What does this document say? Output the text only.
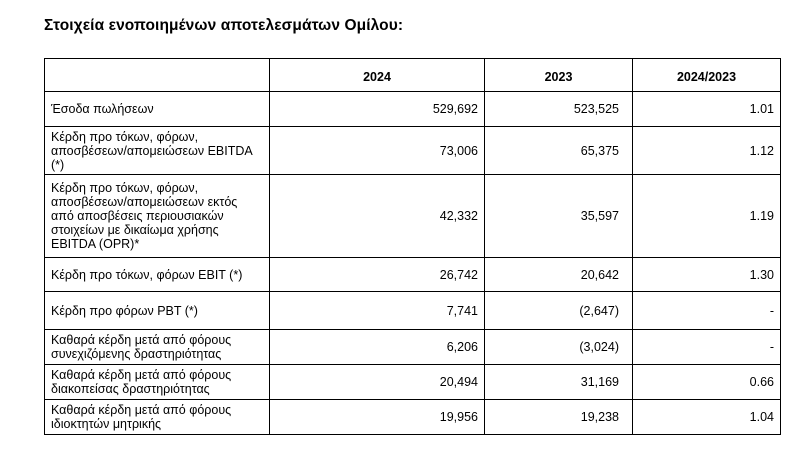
Στοιχεία ενοποιημένων αποτελεσμάτων Ομίλου:
	2024	2023	2024/2023
Έσοδα πωλήσεων	529,692	523,525	1.01
Κέρδη προ τόκων, φόρων,
αποσβέσεων/απομειώσεων EBITDA
(*)	73,006	65,375	1.12
Κέρδη προ τόκων, φόρων,
αποσβέσεων/απομειώσεων εκτός
από αποσβέσεις περιουσιακών
στοιχείων με δικαίωμα χρήσης
EBITDA (OPR)*	42,332	35,597	1.19
Κέρδη προ τόκων, φόρων EBIT (*)	26,742	20,642	1.30
Κέρδη προ φόρων PBT (*)	7,741	(2,647)	-
Καθαρά κέρδη μετά από φόρους
συνεχιζόμενης δραστηριότητας	6,206	(3,024)	-
Καθαρά κέρδη μετά από φόρους
διακοπείσας δραστηριότητας	20,494	31,169	0.66
Καθαρά κέρδη μετά από φόρους
ιδιοκτητών μητρικής	19,956	19,238	1.04
